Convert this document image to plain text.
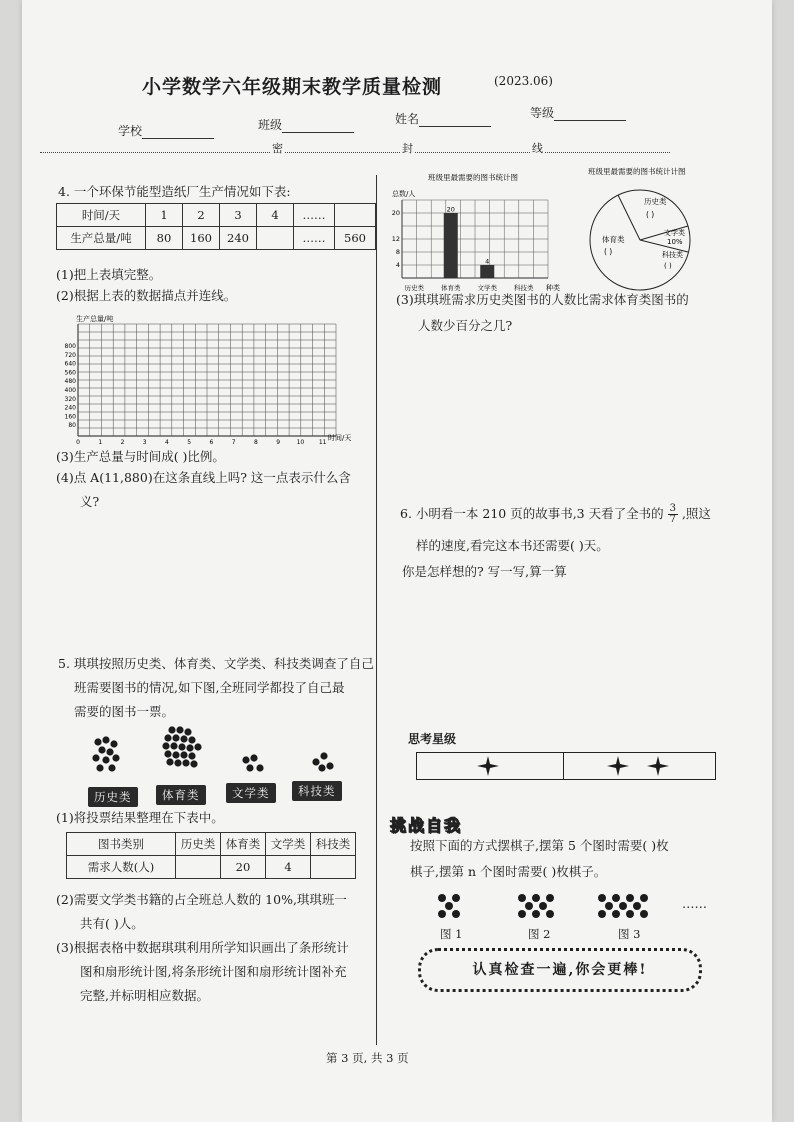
小学数学六年级期末教学质量检测	(2023.06)
学校	班级	姓名	等级
密	封	线
4. 一个环保节能型造纸厂生产情况如下表:
时间/天	1	2	3	4	……	
生产总量/吨	80	160	240		……	560
(1)把上表填完整。
(2)根据上表的数据描点并连线。
生产总量/吨
时间/天
800
720
640
560
480
400
320
240
160
80
0	1	2	3	4	5	6	7	8	9	10 11
(3)生产总量与时间成( )比例。
(4)点 A(11,880)在这条直线上吗? 这一点表示什么含
义?
5. 琪琪按照历史类、体育类、文学类、科技类调查了自己
班需要图书的情况,如下图,全班同学都投了自己最
需要的图书一票。
历史类	体育类	文学类	科技类
(1)将投票结果整理在下表中。
图书类别	历史类	体育类	文学类	科技类
需求人数(人)		20	4	
(2)需要文学类书籍的占全班总人数的 10%,琪琪班一
共有( )人。
(3)根据表格中数据琪琪利用所学知识画出了条形统计
图和扇形统计图,将条形统计图和扇形统计图补充
完整,并标明相应数据。
班级里最需要的图书统计图
总数/人
4
8
12
20	20
4
历史类	体育类	文学类	科技类 种类
班级里最需要的图书统计计图
历史类
( )
体育类
( )
文学类
10%
科技类
( )
(3)琪琪班需求历史类图书的人数比需求体育类图书的
人数少百分之几?
6. 小明看一本 210 页的故事书,3 天看了全书的 $\frac{3}{7}$ ,照这
样的速度,看完这本书还需要( )天。
你是怎样想的? 写一写,算一算
思考星级
挑战自我
按照下面的方式摆棋子,摆第 5 个图时需要( )枚
棋子,摆第 n 个图时需要( )枚棋子。
……
图 1	图 2	图 3
认真检查一遍,你会更棒!
第 3 页, 共 3 页
